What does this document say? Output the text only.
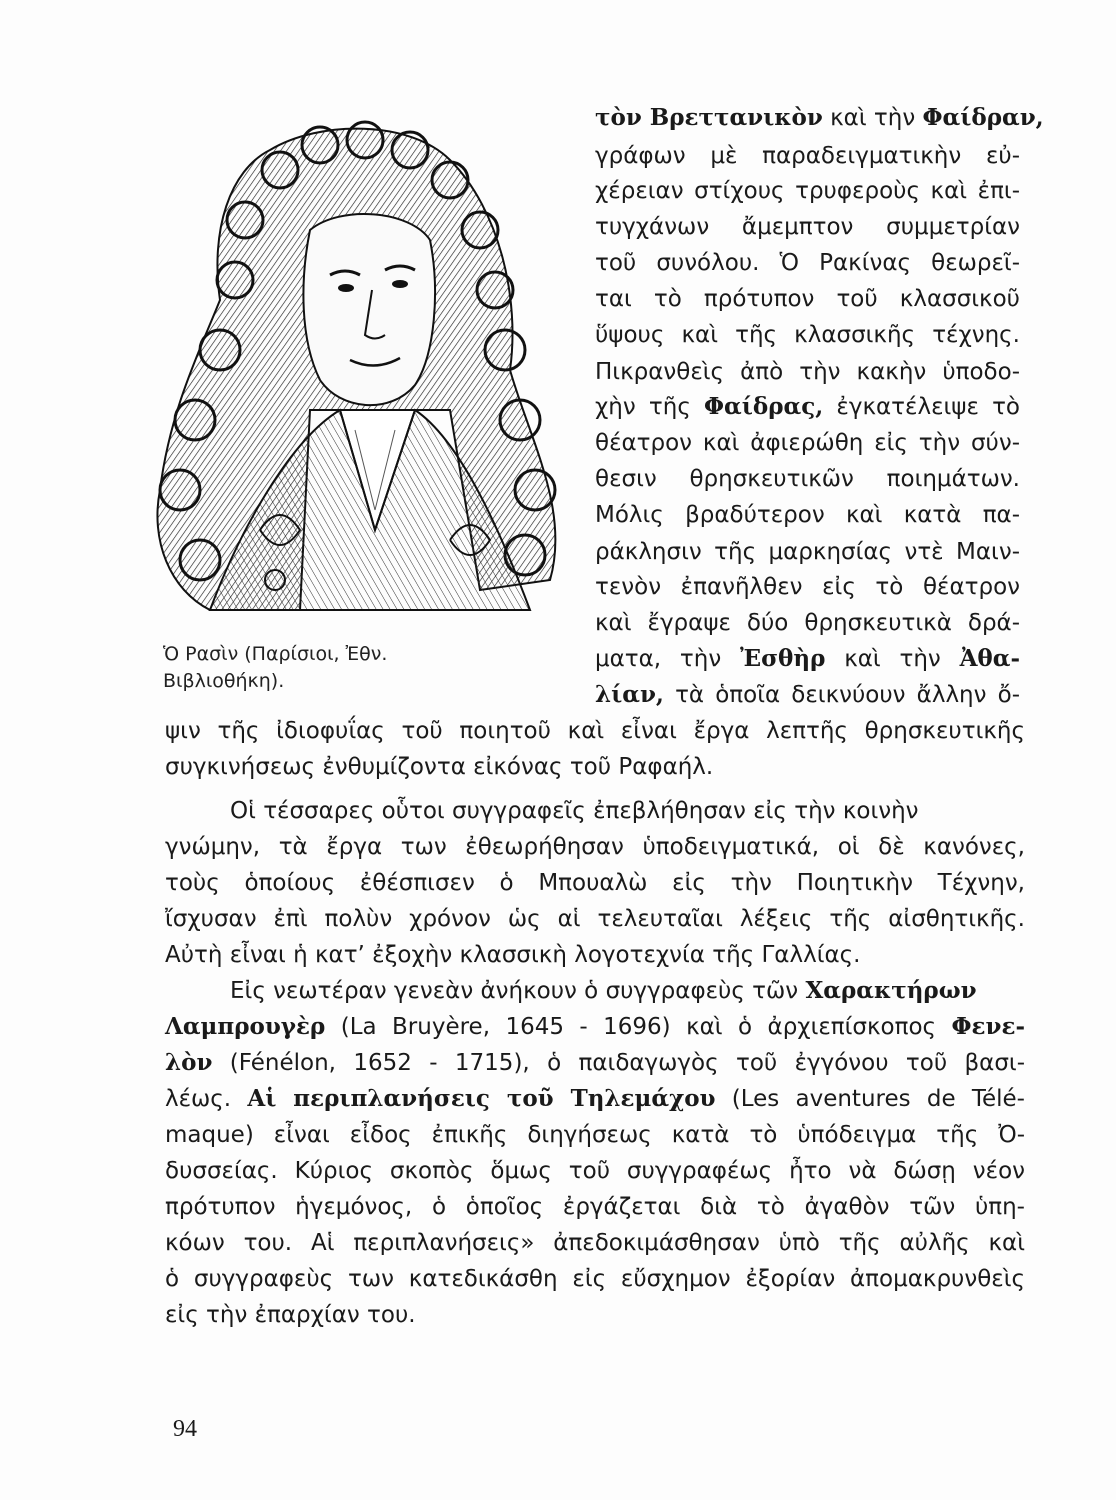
Ὁ Ρασὶν (Παρίσιοι, Ἐθν.
Βιβλιοθήκη).
τὸν Βρεττανικὸν καὶ τὴν Φαίδραν,
γράφων μὲ παραδειγματικὴν εὐ-
χέρειαν στίχους τρυφεροὺς καὶ ἐπι-
τυγχάνων ἄμεμπτον συμμετρίαν
τοῦ συνόλου. Ὁ Ρακίνας θεωρεῖ-
ται τὸ πρότυπον τοῦ κλασσικοῦ
ὕψους καὶ τῆς κλασσικῆς τέχνης.
Πικρανθεὶς ἀπὸ τὴν κακὴν ὑποδο-
χὴν τῆς Φαίδρας, ἐγκατέλειψε τὸ
θέατρον καὶ ἀφιερώθη εἰς τὴν σύν-
θεσιν θρησκευτικῶν ποιημάτων.
Μόλις βραδύτερον καὶ κατὰ πα-
ράκλησιν τῆς μαρκησίας ντὲ Μαιν-
τενὸν ἐπανῆλθεν εἰς τὸ θέατρον
καὶ ἔγραψε δύο θρησκευτικὰ δρά-
ματα, τὴν Ἐσθὴρ καὶ τὴν Ἀθα-
λίαν, τὰ ὁποῖα δεικνύουν ἄλλην ὄ-
ψιν τῆς ἰδιοφυΐας τοῦ ποιητοῦ καὶ εἶναι ἔργα λεπτῆς θρησκευτικῆς
συγκινήσεως ἐνθυμίζοντα εἰκόνας τοῦ Ραφαήλ.
Οἱ τέσσαρες οὗτοι συγγραφεῖς ἐπεβλήθησαν εἰς τὴν κοινὴν
γνώμην, τὰ ἔργα των ἐθεωρήθησαν ὑποδειγματικά, οἱ δὲ κανόνες,
τοὺς ὁποίους ἐθέσπισεν ὁ Μπουαλὼ εἰς τὴν Ποιητικὴν Τέχνην,
ἴσχυσαν ἐπὶ πολὺν χρόνον ὡς αἱ τελευταῖαι λέξεις τῆς αἰσθητικῆς.
Αὐτὴ εἶναι ἡ κατ’ ἐξοχὴν κλασσικὴ λογοτεχνία τῆς Γαλλίας.
Εἰς νεωτέραν γενεὰν ἀνήκουν ὁ συγγραφεὺς τῶν Χαρακτήρων
Λαμπρουγὲρ (La Bruyère, 1645 - 1696) καὶ ὁ ἀρχιεπίσκοπος Φενε-
λὸν (Fénélon, 1652 - 1715), ὁ παιδαγωγὸς τοῦ ἐγγόνου τοῦ βασι-
λέως. Αἱ περιπλανήσεις τοῦ Τηλεμάχου (Les aventures de Télé-
maque) εἶναι εἶδος ἐπικῆς διηγήσεως κατὰ τὸ ὑπόδειγμα τῆς Ὀ-
δυσσείας. Κύριος σκοπὸς ὅμως τοῦ συγγραφέως ἦτο νὰ δώσῃ νέον
πρότυπον ἡγεμόνος, ὁ ὁποῖος ἐργάζεται διὰ τὸ ἀγαθὸν τῶν ὑπη-
κόων του. Αἱ περιπλανήσεις» ἀπεδοκιμάσθησαν ὑπὸ τῆς αὐλῆς καὶ
ὁ συγγραφεὺς των κατεδικάσθη εἰς εὔσχημον ἐξορίαν ἀπομακρυνθεὶς
εἰς τὴν ἐπαρχίαν του.
94
